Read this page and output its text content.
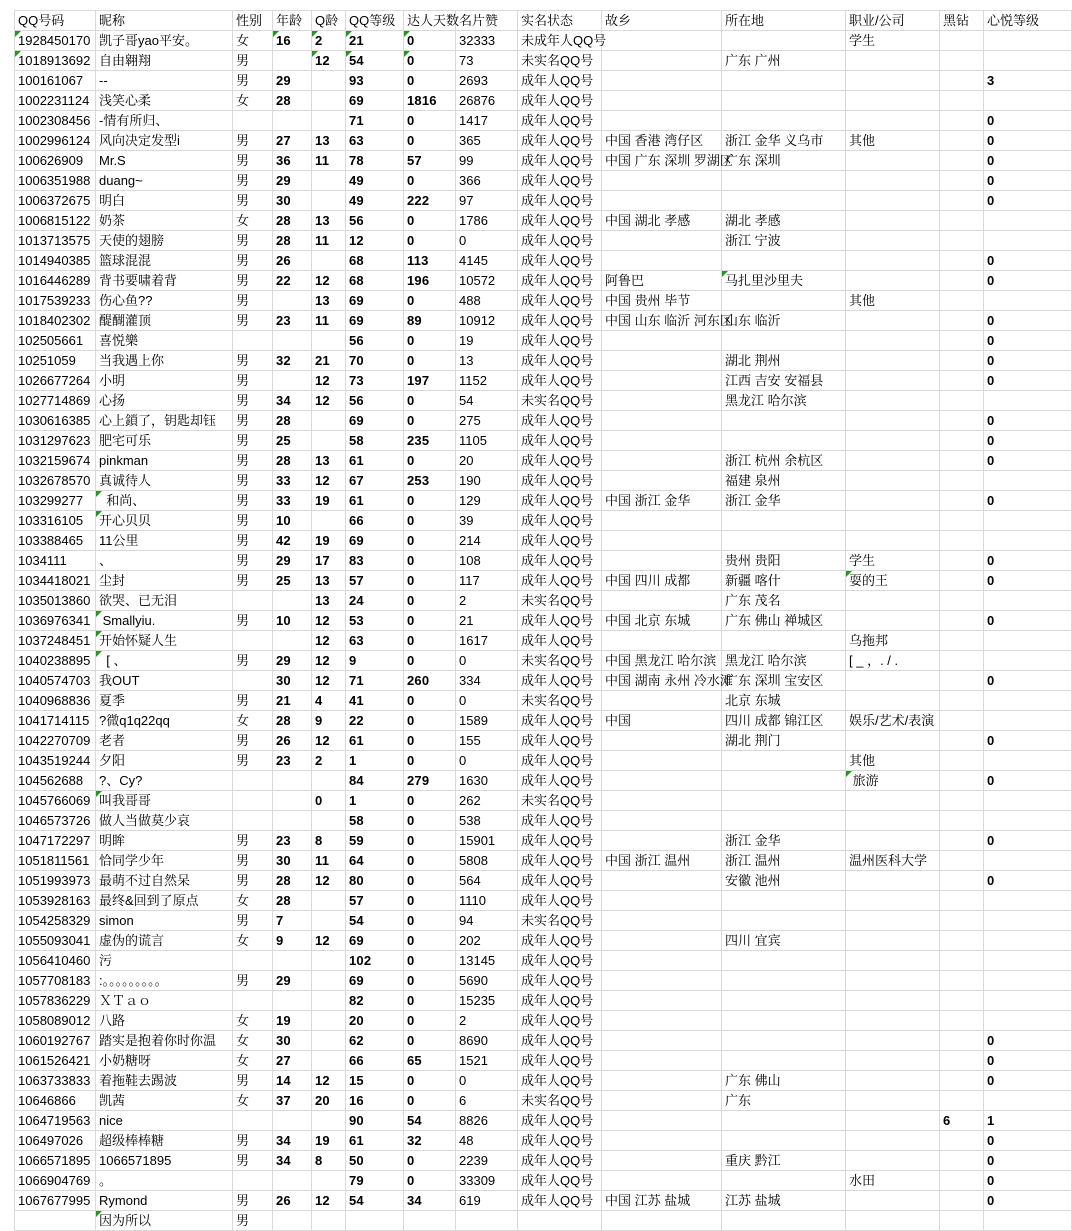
QQ号码	昵称	性别	年龄	Q龄	QQ等级	达人天数	名片赞	实名状态	故乡	所在地	职业/公司	黑钻	心悦等级
1928450170	凯子哥yao平安。	女	16	2	21	0	32333	未成年人QQ号			学生		
1018913692	自由翱翔	男		12	54	0	73	未实名QQ号		广东 广州			
100161067	--	男	29		93	0	2693	成年人QQ号					3
1002231124	浅笑心柔	女	28		69	1816	26876	成年人QQ号					
1002308456	-情有所归、				71	0	1417	成年人QQ号					0
1002996124	风向决定发型i	男	27	13	63	0	365	成年人QQ号	中国 香港 湾仔区	浙江 金华 义乌市	其他		0
100626909	Mr.S	男	36	11	78	57	99	成年人QQ号	中国 广东 深圳 罗湖区	广东 深圳			0
1006351988	duang~	男	29		49	0	366	成年人QQ号					0
1006372675	明白	男	30		49	222	97	成年人QQ号					0
1006815122	奶茶	女	28	13	56	0	1786	成年人QQ号	中国 湖北 孝感	湖北 孝感			
1013713575	天使的翅膀	男	28	11	12	0	0	成年人QQ号		浙江 宁波			
1014940385	篮球混混	男	26		68	113	4145	成年人QQ号					0
1016446289	背书要啸着背	男	22	12	68	196	10572	成年人QQ号	阿鲁巴	马扎里沙里夫			0
1017539233	伤心鱼??	男		13	69	0	488	成年人QQ号	中国 贵州 毕节		其他		
1018402302	醍醐灌顶	男	23	11	69	89	10912	成年人QQ号	中国 山东 临沂 河东区	山东 临沂			0
102505661	喜悦樂				56	0	19	成年人QQ号					0
10251059	当我遇上你	男	32	21	70	0	13	成年人QQ号		湖北 荆州			0
1026677264	小明	男		12	73	197	1152	成年人QQ号		江西 吉安 安福县			0
1027714869	心扬	男	34	12	56	0	54	未实名QQ号		黑龙江 哈尔滨			
1030616385	心上鎖了，钥匙却钰	男	28		69	0	275	成年人QQ号					0
1031297623	肥宅可乐	男	25		58	235	1105	成年人QQ号					0
1032159674	pinkman	男	28	13	61	0	20	成年人QQ号		浙江 杭州 余杭区			0
1032678570	真诚待人	男	33	12	67	253	190	成年人QQ号		福建 泉州			
103299277	和尚、	男	33	19	61	0	129	成年人QQ号	中国 浙江 金华	浙江 金华			0
103316105	开心贝贝	男	10		66	0	39	成年人QQ号					
103388465	11公里	男	42	19	69	0	214	成年人QQ号					
1034111	、	男	29	17	83	0	108	成年人QQ号		贵州 贵阳	学生		0
1034418021	尘封	男	25	13	57	0	117	成年人QQ号	中国 四川 成都	新疆 喀什	耍的王		0
1035013860	欲哭、已无泪			13	24	0	2	未实名QQ号		广东 茂名			
1036976341	Smallyiu.	男	10	12	53	0	21	成年人QQ号	中国 北京 东城	广东 佛山 禅城区			0
1037248451	开始怀疑人生			12	63	0	1617	成年人QQ号			乌拖邦		
1040238895	[ 、	男	29	12	9	0	0	未实名QQ号	中国 黑龙江 哈尔滨	黑龙江 哈尔滨	[ _ ，. / .		
1040574703	我OUT		30	12	71	260	334	成年人QQ号	中国 湖南 永州 冷水滩	广东 深圳 宝安区			0
1040968836	夏季	男	21	4	41	0	0	未实名QQ号		北京 东城			
1041714115	?微q1q22qq	女	28	9	22	0	1589	成年人QQ号	中国	四川 成都 锦江区	娱乐/艺术/表演		
1042270709	老者	男	26	12	61	0	155	成年人QQ号		湖北 荆门			0
1043519244	夕阳	男	23	2	1	0	0	成年人QQ号			其他		
104562688	?、Cy?				84	279	1630	成年人QQ号			旅游		0
1045766069	叫我哥哥			0	1	0	262	未实名QQ号					
1046573726	做人当做莫少哀				58	0	538	成年人QQ号					
1047172297	明眸	男	23	8	59	0	15901	成年人QQ号		浙江 金华			0
1051811561	恰同学少年	男	30	11	64	0	5808	成年人QQ号	中国 浙江 温州	浙江 温州	温州医科大学		
1051993973	最萌不过自然呆	男	28	12	80	0	564	成年人QQ号		安徽 池州			0
1053928163	最终&回到了原点	女	28		57	0	1110	成年人QQ号					
1054258329	simon	男	7		54	0	94	未实名QQ号					
1055093041	虚伪的谎言	女	9	12	69	0	202	成年人QQ号		四川 宜宾			
1056410460	污				102	0	13145	成年人QQ号					
1057708183	:。。。。。。。。。	男	29		69	0	5690	成年人QQ号					
1057836229	ＸＴａｏ				82	0	15235	成年人QQ号					
1058089012	八路	女	19		20	0	2	成年人QQ号					
1060192767	踏实是抱着你时你温	女	30		62	0	8690	成年人QQ号					0
1061526421	小奶糖呀	女	27		66	65	1521	成年人QQ号					0
1063733833	着拖鞋去踢波	男	14	12	15	0	0	成年人QQ号		广东 佛山			0
10646866	凯茜	女	37	20	16	0	6	未实名QQ号		广东			
1064719563	nice				90	54	8826	成年人QQ号				6	1
106497026	超级棒棒糖	男	34	19	61	32	48	成年人QQ号					0
1066571895	1066571895	男	34	8	50	0	2239	成年人QQ号		重庆 黔江			0
1066904769	。				79	0	33309	成年人QQ号			水田		0
1067677995	Rymond	男	26	12	54	34	619	成年人QQ号	中国 江苏 盐城	江苏 盐城			0
	因为所以	男											
